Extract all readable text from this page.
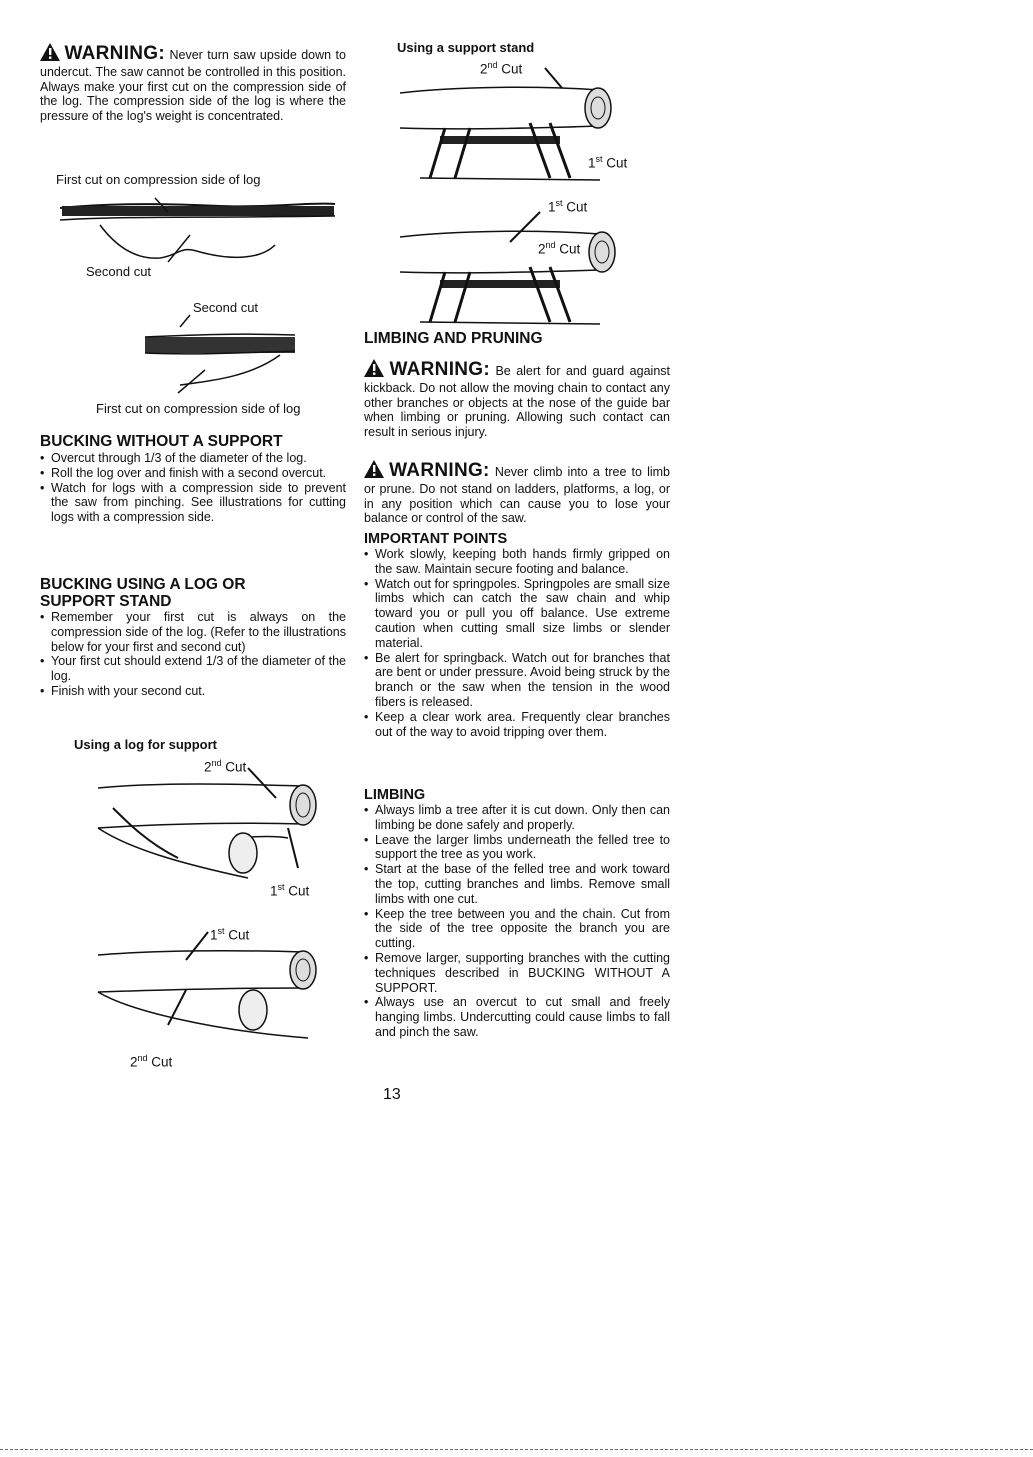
WARNING: Never turn saw upside down to undercut. The saw cannot be controlled in this position. Always make your first cut on the compression side of the log. The compression side of the log is where the pressure of the log's weight is concentrated.
First cut on compression side of log
Second cut
Second cut
First cut on compression side of log
BUCKING WITHOUT A SUPPORT
• Overcut through 1/3 of the diameter of the log.
• Roll the log over and finish with a second overcut.
• Watch for logs with a compression side to prevent the saw from pinching. See illustrations for cutting logs with a compression side.
BUCKING USING A LOG OR
SUPPORT STAND
• Remember your first cut is always on the compression side of the log. (Refer to the illustrations below for your first and second cut)
• Your first cut should extend 1/3 of the diameter of the log.
• Finish with your second cut.
Using a log for support
2nd Cut
1st Cut
1st Cut
2nd Cut
Using a support stand
2nd Cut
1st Cut
1st Cut
2nd Cut
LIMBING AND PRUNING
WARNING: Be alert for and guard against kickback. Do not allow the moving chain to contact any other branches or objects at the nose of the guide bar when limbing or pruning. Allowing such contact can result in serious injury.
WARNING: Never climb into a tree to limb or prune. Do not stand on ladders, platforms, a log, or in any position which can cause you to lose your balance or control of the saw.
IMPORTANT POINTS
• Work slowly, keeping both hands firmly gripped on the saw. Maintain secure footing and balance.
• Watch out for springpoles. Springpoles are small size limbs which can catch the saw chain and whip toward you or pull you off balance. Use extreme caution when cutting small size limbs or slender material.
• Be alert for springback. Watch out for branches that are bent or under pressure. Avoid being struck by the branch or the saw when the tension in the wood fibers is released.
• Keep a clear work area. Frequently clear branches out of the way to avoid tripping over them.
LIMBING
• Always limb a tree after it is cut down. Only then can limbing be done safely and properly.
• Leave the larger limbs underneath the felled tree to support the tree as you work.
• Start at the base of the felled tree and work toward the top, cutting branches and limbs. Remove small limbs with one cut.
• Keep the tree between you and the chain. Cut from the side of the tree opposite the branch you are cutting.
• Remove larger, supporting branches with the cutting techniques described in BUCKING WITHOUT A SUPPORT.
• Always use an overcut to cut small and freely hanging limbs. Undercutting could cause limbs to fall and pinch the saw.
13
